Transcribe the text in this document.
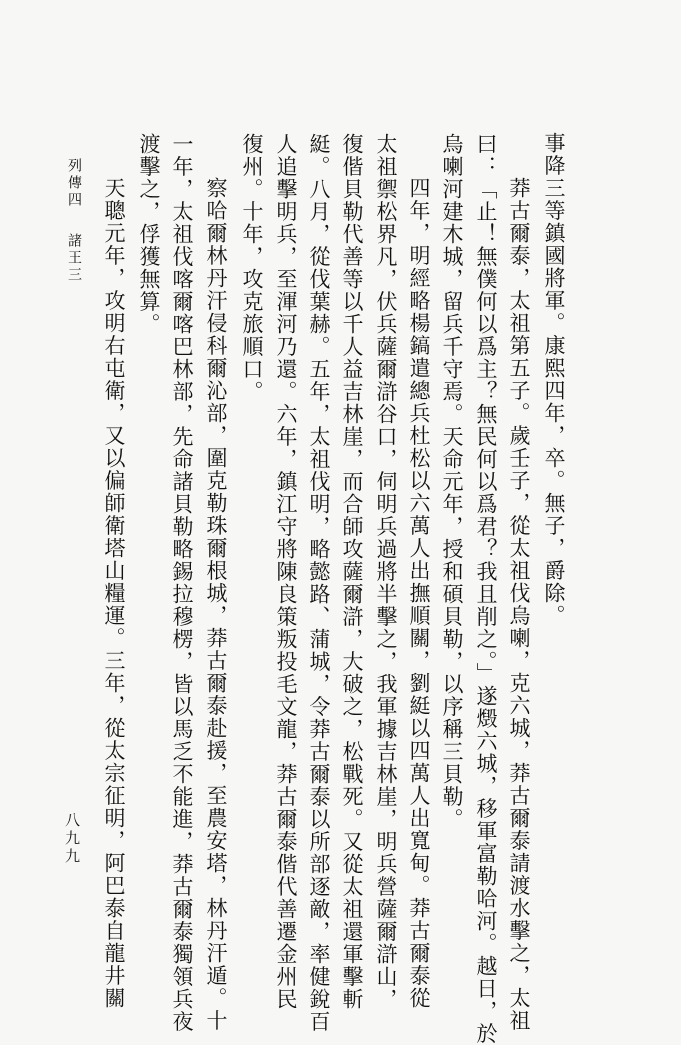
事降三等鎮國將軍。康熙四年，卒。無子，爵除。
莽古爾泰，太祖第五子。歲壬子，從太祖伐烏喇，克六城，莽古爾泰請渡水擊之，太祖
曰：「止！無僕何以爲主？無民何以爲君？我且削之。」遂燬六城，移軍富勒哈河。越日，於
烏喇河建木城，留兵千守焉。天命元年，授和碩貝勒，以序稱三貝勒。
四年，明經略楊鎬遣總兵杜松以六萬人出撫順關，劉綎以四萬人出寬甸。莽古爾泰從
太祖禦松界凡，伏兵薩爾滸谷口，伺明兵過將半擊之，我軍據吉林崖，明兵營薩爾滸山，
復偕貝勒代善等以千人益吉林崖，而合師攻薩爾滸，大破之，松戰死。又從太祖還軍擊斬
綎。八月，從伐葉赫。五年，太祖伐明，略懿路、蒲城，令莽古爾泰以所部逐敵，率健銳百
人追擊明兵，至渾河乃還。六年，鎮江守將陳良策叛投毛文龍，莽古爾泰偕代善遷金州民
復州。十年，攻克旅順口。
察哈爾林丹汗侵科爾沁部，圍克勒珠爾根城，莽古爾泰赴援，至農安塔，林丹汗遁。十
一年，太祖伐喀爾喀巴林部，先命諸貝勒略錫拉穆楞，皆以馬乏不能進，莽古爾泰獨領兵夜
渡擊之，俘獲無算。
天聰元年，攻明右屯衛，又以偏師衛塔山糧運。三年，從太宗征明，阿巴泰自龍井關
列傳四
諸王三
八九九
